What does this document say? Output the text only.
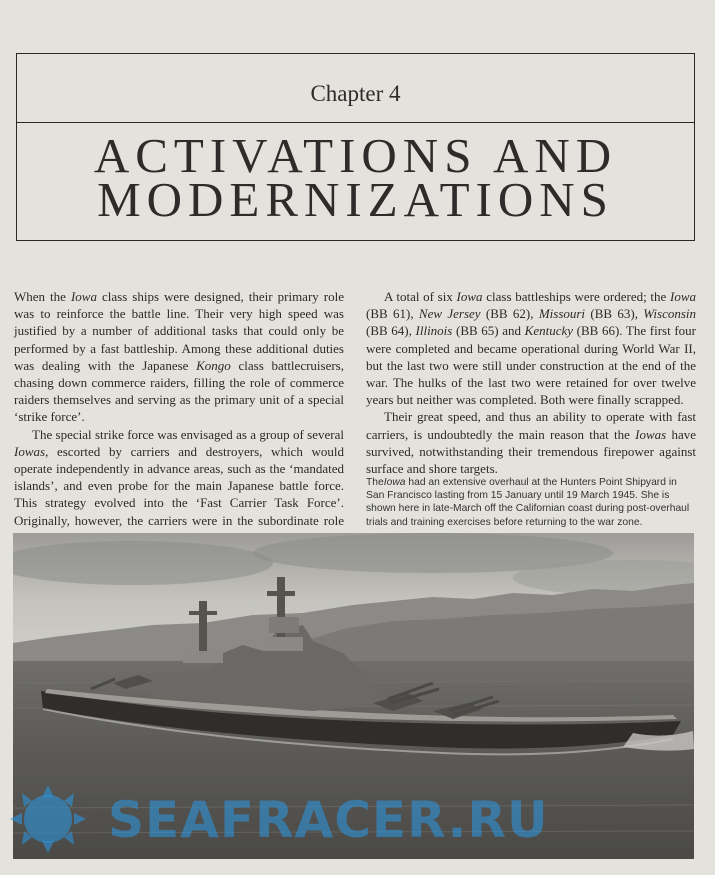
Chapter 4
ACTIVATIONS AND
MODERNIZATIONS

When the Iowa class ships were designed, their primary role was to reinforce the battle line. Their very high speed was justified by a number of additional tasks that could only be performed by a fast battleship. Among these additional duties was dealing with the Japanese Kongo class battlecruisers, chasing down commerce raiders, filling the role of commerce raiders themselves and serving as the primary unit of a special ‘strike force’.

The special strike force was envisaged as a group of several Iowas, escorted by carriers and destroyers, which would operate independently in advance areas, such as the ‘mandated islands’, and even probe for the main Japanese battle force. This strategy evolved into the ‘Fast Carrier Task Force’. Originally, however, the carriers were in the subordinate role

A total of six Iowa class battleships were ordered; the Iowa (BB 61), New Jersey (BB 62), Missouri (BB 63), Wisconsin (BB 64), Illinois (BB 65) and Kentucky (BB 66). The first four were completed and became operational during World War II, but the last two were still under construction at the end of the war. The hulks of the last two were retained for over twelve years but neither was completed. Both were finally scrapped.

Their great speed, and thus an ability to operate with fast carriers, is undoubtedly the main reason that the Iowas have survived, notwithstanding their tremendous firepower against surface and shore targets.

TheIowa had an extensive overhaul at the Hunters Point Shipyard in San Francisco lasting from 15 January until 19 March 1945. She is shown here in late-March off the Californian coast during post-overhaul trials and training exercises before returning to the war zone.
SEAFRACER.RU
